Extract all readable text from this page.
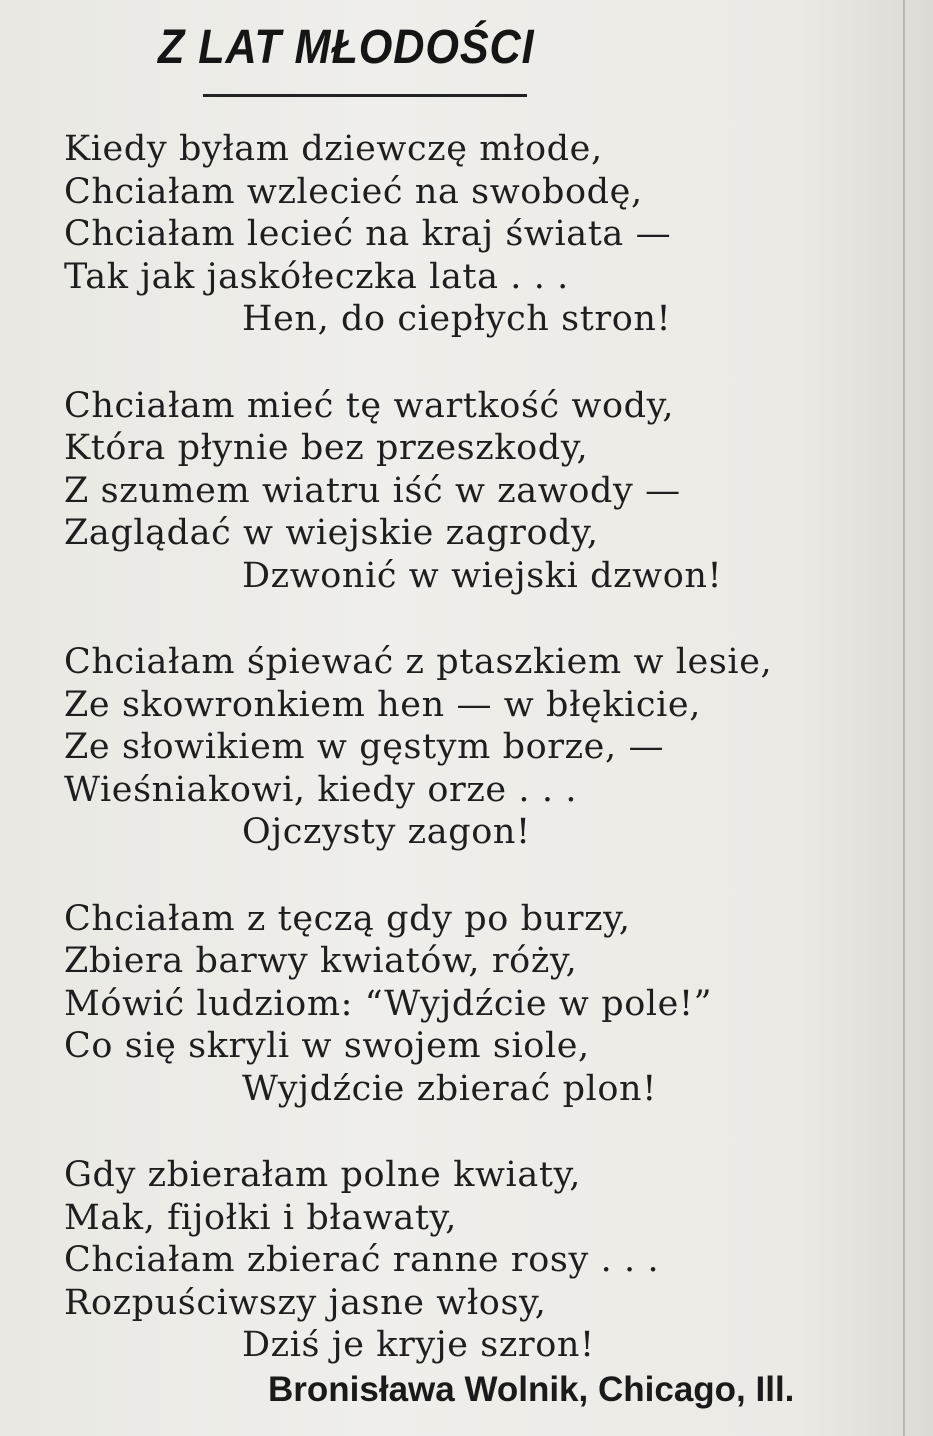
Z LAT MŁODOŚCI
Kiedy byłam dziewczę młode,
Chciałam wzlecieć na swobodę,
Chciałam lecieć na kraj świata —
Tak jak jaskółeczka lata . . .
Hen, do ciepłych stron!
Chciałam mieć tę wartkość wody,
Która płynie bez przeszkody,
Z szumem wiatru iść w zawody —
Zaglądać w wiejskie zagrody,
Dzwonić w wiejski dzwon!
Chciałam śpiewać z ptaszkiem w lesie,
Ze skowronkiem hen — w błękicie,
Ze słowikiem w gęstym borze, —
Wieśniakowi, kiedy orze . . .
Ojczysty zagon!
Chciałam z tęczą gdy po burzy,
Zbiera barwy kwiatów, róży,
Mówić ludziom: “Wyjdźcie w pole!”
Co się skryli w swojem siole,
Wyjdźcie zbierać plon!
Gdy zbierałam polne kwiaty,
Mak, fijołki i bławaty,
Chciałam zbierać ranne rosy . . .
Rozpuściwszy jasne włosy,
Dziś je kryje szron!
Bronisława Wolnik, Chicago, Ill.
